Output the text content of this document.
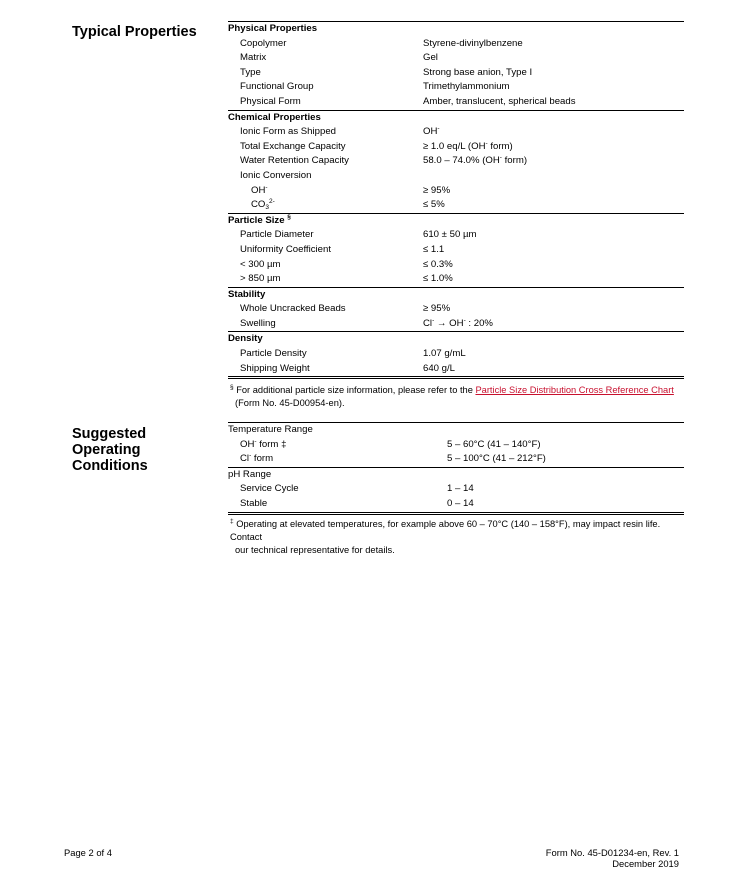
Typical Properties
Suggested
Operating
Conditions
Physical Properties
Copolymer	Styrene-divinylbenzene
Matrix	Gel
Type	Strong base anion, Type I
Functional Group	Trimethylammonium
Physical Form	Amber, translucent, spherical beads
Chemical Properties
Ionic Form as Shipped	OH-
Total Exchange Capacity	≥ 1.0 eq/L (OH- form)
Water Retention Capacity	58.0 – 74.0% (OH- form)
Ionic Conversion
OH-	≥ 95%
$CO_3^{2-}$	≤ 5%
Particle Size §
Particle Diameter	610 ± 50 µm
Uniformity Coefficient	≤ 1.1
< 300 µm	≤ 0.3%
> 850 µm	≤ 1.0%
Stability
Whole Uncracked Beads	≥ 95%
Swelling	Cl- → OH- : 20%
Density
Particle Density	1.07 g/mL
Shipping Weight	640 g/L
§ For additional particle size information, please refer to the Particle Size Distribution Cross Reference Chart
(Form No. 45-D00954-en).
Temperature Range
OH- form ‡	5 – 60°C (41 – 140°F)
Cl- form	5 – 100°C (41 – 212°F)
pH Range
Service Cycle	1 – 14
Stable	0 – 14
‡ Operating at elevated temperatures, for example above 60 – 70°C (140 – 158°F), may impact resin life. Contact
our technical representative for details.
Page 2 of 4	Form No. 45-D01234-en, Rev. 1
December 2019
